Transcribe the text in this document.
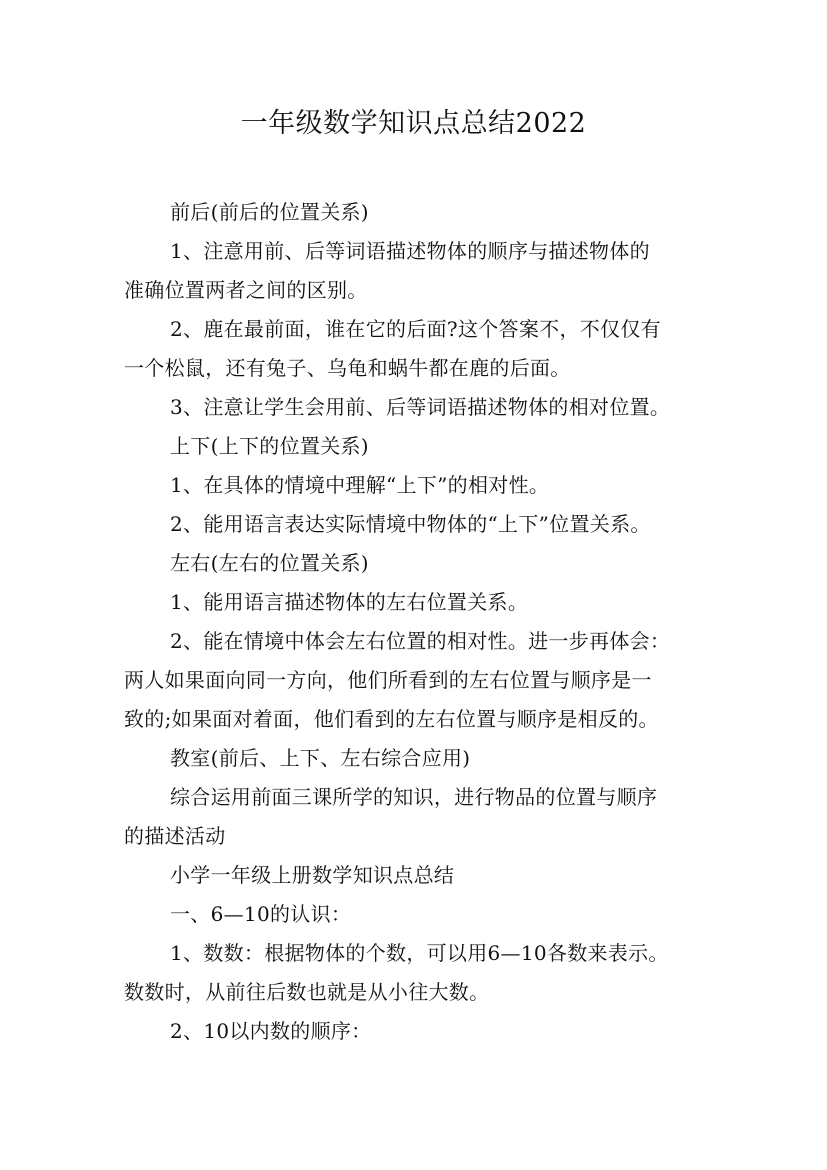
一年级数学知识点总结2022

前后(前后的位置关系)

1、注意用前、后等词语描述物体的顺序与描述物体的

准确位置两者之间的区别。

2、鹿在最前面，谁在它的后面?这个答案不，不仅仅有

一个松鼠，还有兔子、乌龟和蜗牛都在鹿的后面。

3、注意让学生会用前、后等词语描述物体的相对位置。

上下(上下的位置关系)

1、在具体的情境中理解“上下”的相对性。

2、能用语言表达实际情境中物体的“上下”位置关系。

左右(左右的位置关系)

1、能用语言描述物体的左右位置关系。

2、能在情境中体会左右位置的相对性。进一步再体会：

两人如果面向同一方向，他们所看到的左右位置与顺序是一

致的;如果面对着面，他们看到的左右位置与顺序是相反的。

教室(前后、上下、左右综合应用)

综合运用前面三课所学的知识，进行物品的位置与顺序

的描述活动

小学一年级上册数学知识点总结

一、6—10的认识：

1、数数：根据物体的个数，可以用6—10各数来表示。

数数时，从前往后数也就是从小往大数。

2、10以内数的顺序：
